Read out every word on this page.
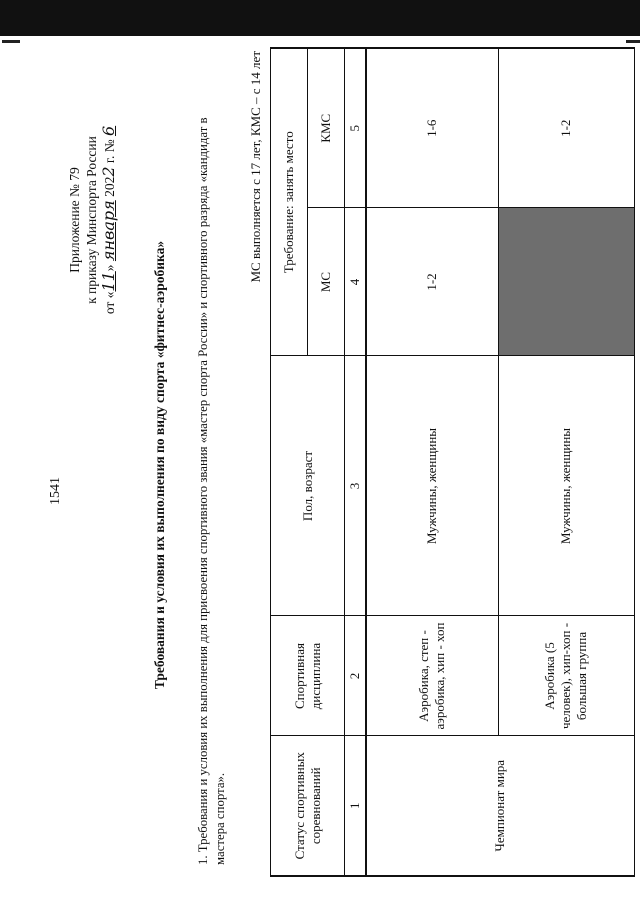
1541
Приложение № 79 к приказу Минспорта России от «11» января 2022 г. № 6
Требования и условия их выполнения по виду спорта «фитнес-аэробика» 1. Требования и условия их выполнения для присвоения спортивного звания «мастер спорта России» и спортивного разряда «кандидат в мастера спорта».
МС выполняется с 17 лет, КМС – с 14 лет
Статус спортивных соревнований	Спортивная дисциплина	Пол, возраст	Требование: занять место	
			МС	КМС
1	2	3	4	5
Чемпионат мира	Аэробика, степ - аэробика, хип - хоп	Мужчины, женщины	1-2	1-6
	Аэробика (5 человек), хип-хоп - большая группа	Мужчины, женщины		1-2
